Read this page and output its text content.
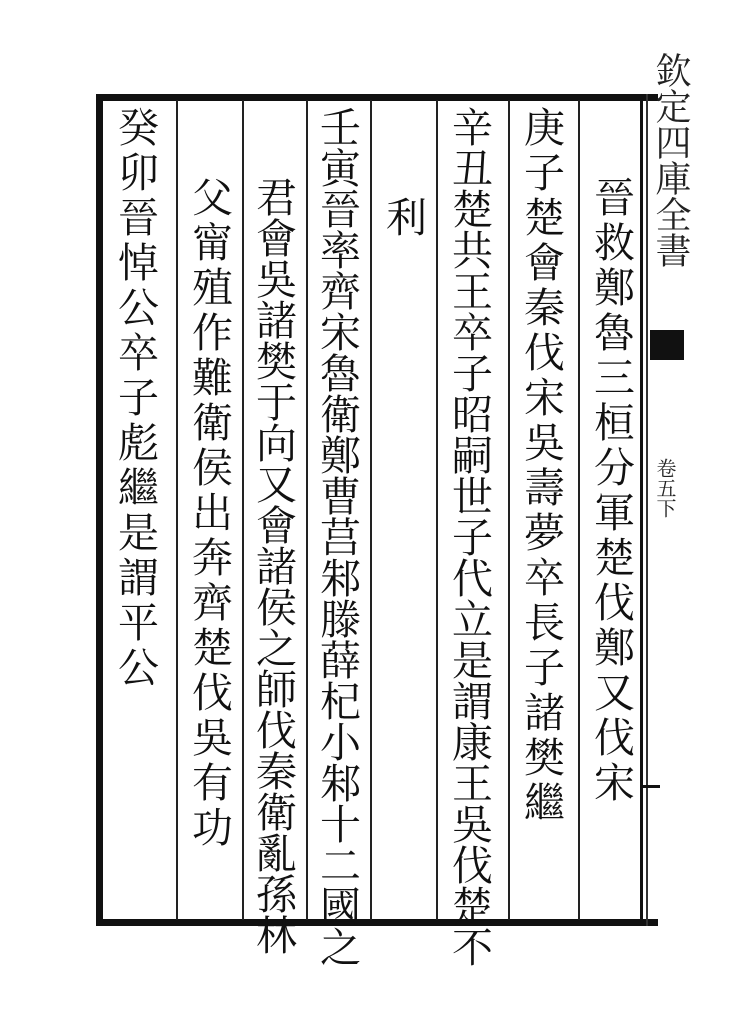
欽定四庫全書
卷五下
晉救鄭魯三桓分軍楚伐鄭又伐宋
庚子楚會秦伐宋吳壽夢卒長子諸樊繼
辛丑楚共王卒子昭嗣世子代立是謂康王吳伐楚不
利
壬寅晉率齊宋魯衛鄭曹莒邾滕薛杞小邾十二國之
君會吳諸樊于向又會諸侯之師伐秦衛亂孫林
父甯殖作難衛侯出奔齊楚伐吳有功
癸卯晉悼公卒子彪繼是謂平公
